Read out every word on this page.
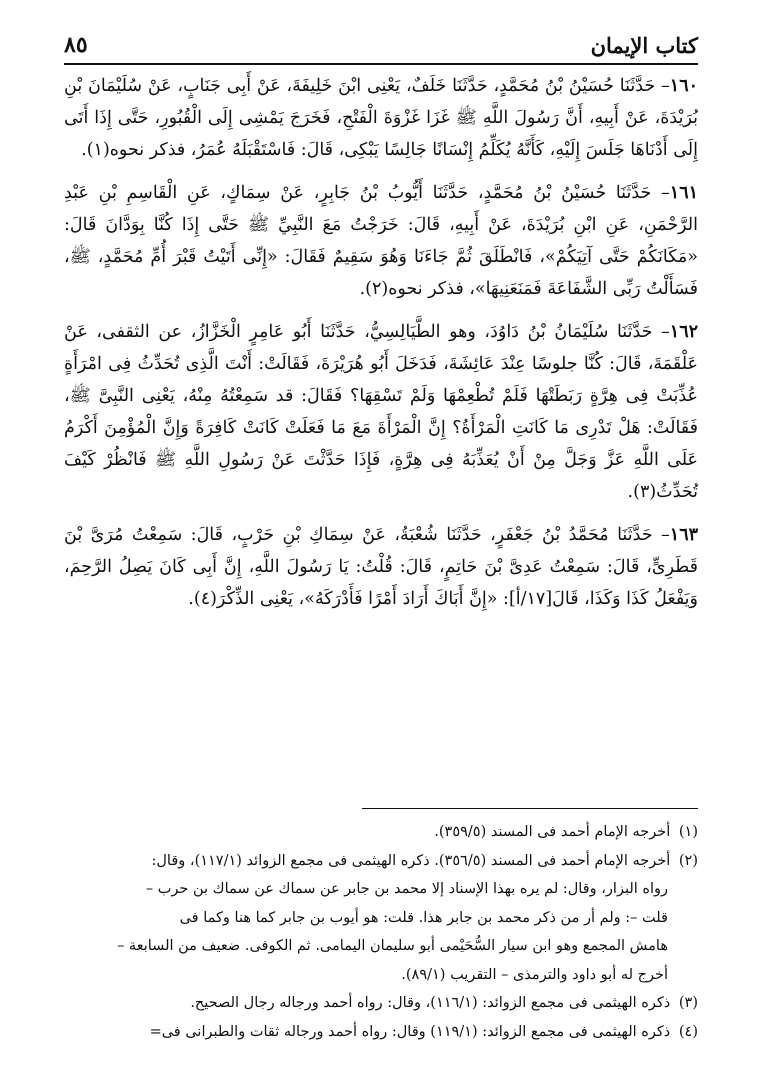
كتاب الإيمان
٨٥

١٦٠– حَدَّثَنَا حُسَيْنُ بْنُ مُحَمَّدٍ، حَدَّثَنَا خَلَفٌ، يَعْنِى ابْنَ خَلِيفَةَ، عَنْ أَبِى جَنَابٍ، عَنْ سُلَيْمَانَ بْنِ بُرَيْدَةَ، عَنْ أَبِيهِ، أَنَّ رَسُولَ اللَّهِ ﷺ غَزَا غَزْوَةَ الْفَتْحِ، فَخَرَجَ يَمْشِى إِلَى الْقُبُورِ، حَتَّى إِذَا أَتَى إِلَى أَدْنَاهَا جَلَسَ إِلَيْهِ، كَأَنَّهُ يُكَلِّمُ إِنْسَانًا جَالِسًا يَبْكِى، قَالَ: فَاسْتَقْبَلَهُ عُمَرُ، فذكر نحوه(١).

١٦١– حَدَّثَنَا حُسَيْنُ بْنُ مُحَمَّدٍ، حَدَّثَنَا أَيُّوبُ بْنُ جَابِرٍ، عَنْ سِمَاكٍ، عَنِ الْقَاسِمِ بْنِ عَبْدِ الرَّحْمَنِ، عَنِ ابْنِ بُرَيْدَةَ، عَنْ أَبِيهِ، قَالَ: خَرَجْتُ مَعَ النَّبِيِّ ﷺ حَتَّى إِذَا كُنَّا بِوَدَّانَ قَالَ: «مَكَانَكُمْ حَتَّى آتِيَكُمْ»، فَانْطَلَقَ ثُمَّ جَاءَنَا وَهُوَ سَقِيمٌ فَقَالَ: «إِنِّى أَتَيْتُ قَبْرَ أُمِّ مُحَمَّدٍ، ﷺ، فَسَأَلْتُ رَبِّى الشَّفَاعَةَ فَمَنَعَنِيهَا»، فذكر نحوه(٢).

١٦٢– حَدَّثَنَا سُلَيْمَانُ بْنُ دَاوُدَ، وهو الطَّيَالِسِيُّ، حَدَّثَنَا أَبُو عَامِرٍ الْخَزَّازُ، عن الثقفى، عَنْ عَلْقَمَةَ، قَالَ: كُنَّا جلوسًا عِنْدَ عَائِشَةَ، فَدَخَلَ أَبُو هُرَيْرَةَ، فَقَالَتْ: أَنْتَ الَّذِى تُحَدِّثُ فِى امْرَأَةٍ عُذِّبَتْ فِى هِرَّةٍ رَبَطَتْهَا فَلَمْ تُطْعِمْهَا وَلَمْ تَسْقِهَا؟ فَقَالَ: قد سَمِعْتُهُ مِنْهُ، يَعْنِى النَّبِىَّ ﷺ، فَقَالَتْ: هَلْ تَدْرِى مَا كَانَتِ الْمَرْأَةُ؟ إِنَّ الْمَرْأَةَ مَعَ مَا فَعَلَتْ كَانَتْ كَافِرَةً وَإِنَّ الْمُؤْمِنَ أَكْرَمُ عَلَى اللَّهِ عَزَّ وَجَلَّ مِنْ أَنْ يُعَذِّبَهُ فِى هِرَّةٍ، فَإِذَا حَدَّثْتَ عَنْ رَسُولِ اللَّهِ ﷺ فَانْظُرْ كَيْفَ تُحَدِّثُ(٣).

١٦٣– حَدَّثَنَا مُحَمَّدُ بْنُ جَعْفَرٍ، حَدَّثَنَا شُعْبَةُ، عَنْ سِمَاكِ بْنِ حَرْبٍ، قَالَ: سَمِعْتُ مُرَىَّ بْنَ قَطَرِىٍّ، قَالَ: سَمِعْتُ عَدِىَّ بْنَ حَاتِمٍ، قَالَ: قُلْتُ: يَا رَسُولَ اللَّهِ، إِنَّ أَبِى كَانَ يَصِلُ الرَّحِمَ، وَيَفْعَلُ كَذَا وَكَذَا، قَالَ[١٧/أ]: «إِنَّ أَبَاكَ أَرَادَ أَمْرًا فَأَدْرَكَهُ»، يَعْنِى الذِّكْرَ(٤).

(١) أخرجه الإمام أحمد فى المسند (٣٥٩/٥).

(٢) أخرجه الإمام أحمد فى المسند (٣٥٦/٥). ذكره الهيثمى فى مجمع الزوائد (١١٧/١)، وقال:

رواه البزار، وقال: لم يره بهذا الإسناد إلا محمد بن جابر عن سماك عن سماك بن حرب –

قلت –: ولم أر من ذكر محمد بن جابر هذا. قلت: هو أيوب بن جابر كما هنا وكما فى

هامش المجمع وهو ابن سيار السُّحَيْمى أبو سليمان اليمامى. ثم الكوفى. ضعيف من السابعة –

أخرج له أبو داود والترمذى – التقريب (٨٩/١).

(٣) ذكره الهيثمى فى مجمع الزوائد: (١١٦/١)، وقال: رواه أحمد ورجاله رجال الصحيح.

(٤) ذكره الهيثمى فى مجمع الزوائد: (١١٩/١) وقال: رواه أحمد ورجاله ثقات والطبرانى فى=
